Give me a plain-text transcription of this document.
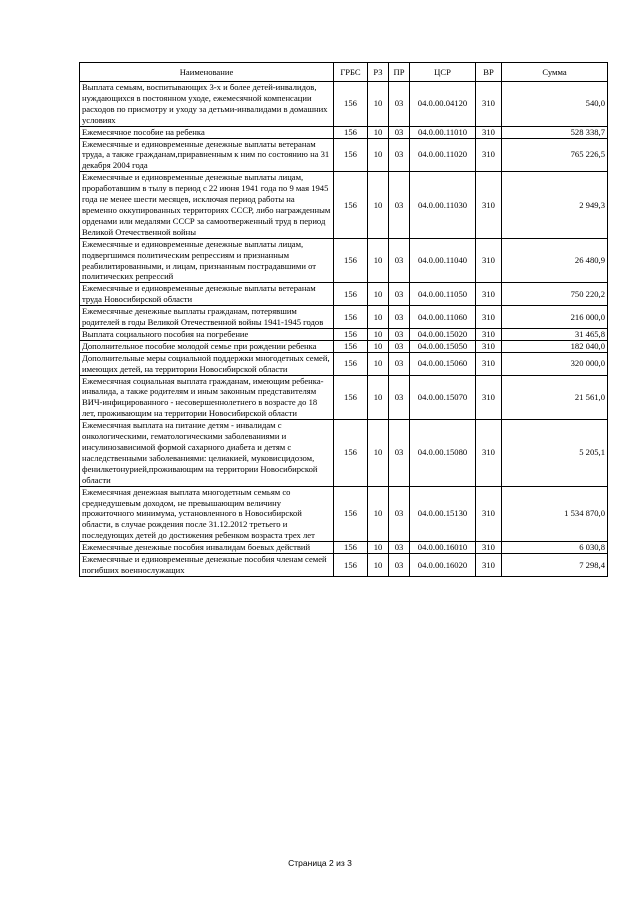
Наименование	ГРБС	РЗ	ПР	ЦСР	ВР	Сумма
Выплата семьям, воспитывающих 3-х и более детей-инвалидов, нуждающихся в постоянном уходе, ежемесячной компенсации расходов по присмотру и уходу за детьми-инвалидами в домашних условиях	156	10	03	04.0.00.04120	310	540,0
Ежемесячное пособие на ребенка	156	10	03	04.0.00.11010	310	528 338,7
Ежемесячные и единовременные денежные выплаты ветеранам труда, а также гражданам,приравненным к ним по состоянию на 31 декабря 2004 года	156	10	03	04.0.00.11020	310	765 226,5
Ежемесячные и единовременные денежные выплаты лицам, проработавшим в тылу в период с 22 июня 1941 года по 9 мая 1945 года не менее шести месяцев, исключая период работы на временно оккупированных территориях СССР, либо награжденным орденами или медалями СССР за самоотверженный труд в период Великой Отечественной войны	156	10	03	04.0.00.11030	310	2 949,3
Ежемесячные и единовременные денежные выплаты лицам, подвергшимся политическим репрессиям и признанным реабилитированными, и лицам, признанным пострадавшими от политических репрессий	156	10	03	04.0.00.11040	310	26 480,9
Ежемесячные и единовременные денежные выплаты ветеранам труда Новосибирской области	156	10	03	04.0.00.11050	310	750 220,2
Ежемесячные денежные выплаты гражданам, потерявшим родителей в годы Великой Отечественной войны 1941-1945 годов	156	10	03	04.0.00.11060	310	216 000,0
Выплата социального пособия на погребение	156	10	03	04.0.00.15020	310	31 465,8
Дополнительное пособие молодой семье при рождении ребенка	156	10	03	04.0.00.15050	310	182 040,0
Дополнительные меры социальной поддержки многодетных семей, имеющих детей, на территории Новосибирской области	156	10	03	04.0.00.15060	310	320 000,0
Ежемесячная социальная выплата гражданам, имеющим ребенка-инвалида, а также родителям и иным законным представителям ВИЧ-инфицированного - несовершеннолетнего в возрасте до 18 лет, проживающим на территории Новосибирской области	156	10	03	04.0.00.15070	310	21 561,0
Ежемесячная выплата на питание детям - инвалидам с онкологическими, гематологическими заболеваниями и инсулинозависимой формой сахарного диабета и детям с наследственными заболеваниями: целиакией, муковисцидозом, фенилкетонурией,проживающим на территории Новосибирской области	156	10	03	04.0.00.15080	310	5 205,1
Ежемесячная денежная выплата многодетным семьям со среднедушевым доходом, не превышающим величину прожиточного минимума, установленного в Новосибирской области, в случае рождения после 31.12.2012 третьего и последующих детей до достижения ребенком возраста трех лет	156	10	03	04.0.00.15130	310	1 534 870,0
Ежемесячные денежные пособия инвалидам боевых действий	156	10	03	04.0.00.16010	310	6 030,8
Ежемесячные и единовременные денежные пособия членам семей погибших военнослужащих	156	10	03	04.0.00.16020	310	7 298,4
Страница 2 из 3
